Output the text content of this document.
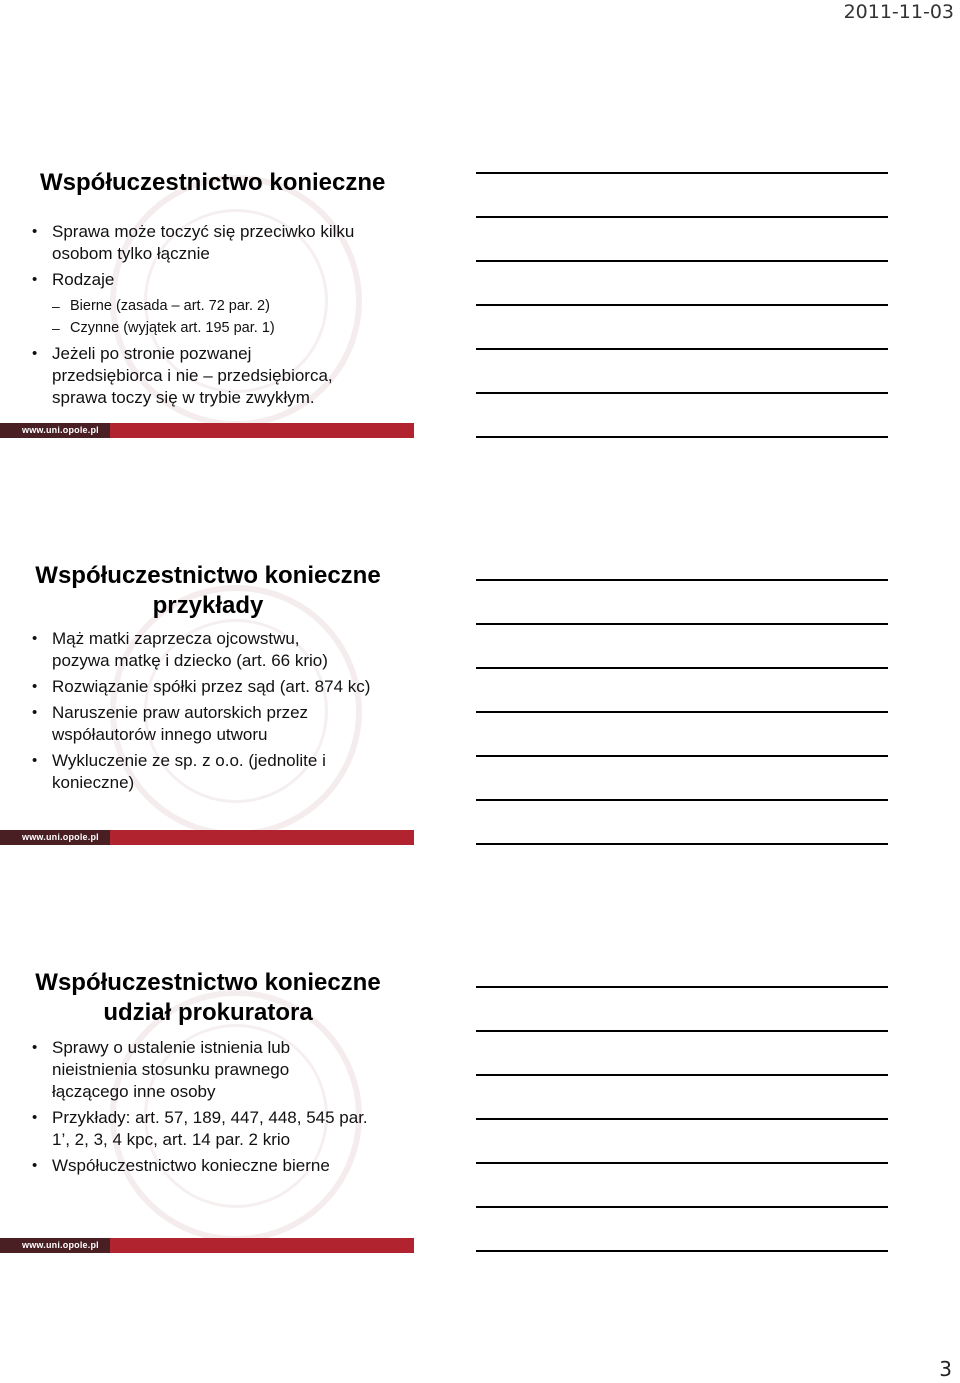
2011-11-03
Współuczestnictwo konieczne
• Sprawa może toczyć się przeciwko kilku osobom tylko łącznie
• Rodzaje
– Bierne (zasada – art. 72 par. 2)
– Czynne (wyjątek art. 195 par. 1)
• Jeżeli po stronie pozwanej przedsiębiorca i nie – przedsiębiorca, sprawa toczy się w trybie zwykłym.
www.uni.opole.pl
Współuczestnictwo konieczne
przykłady
• Mąż matki zaprzecza ojcowstwu, pozywa matkę i dziecko (art. 66 krio)
• Rozwiązanie spółki przez sąd (art. 874 kc)
• Naruszenie praw autorskich przez współautorów innego utworu
• Wykluczenie ze sp. z o.o. (jednolite i konieczne)
www.uni.opole.pl
Współuczestnictwo konieczne
udział prokuratora
• Sprawy o ustalenie istnienia lub nieistnienia stosunku prawnego łączącego inne osoby
• Przykłady: art. 57, 189, 447, 448, 545 par. 1’, 2, 3, 4 kpc, art. 14 par. 2 krio
• Współuczestnictwo konieczne bierne
www.uni.opole.pl
3
